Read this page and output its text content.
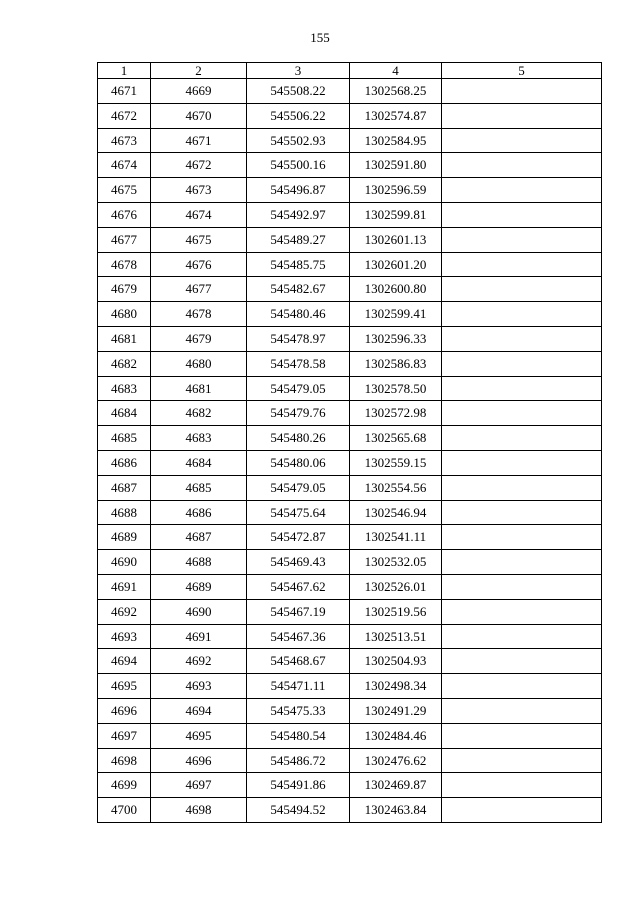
155
1	2	3	4	5
4671	4669	545508.22	1302568.25	
4672	4670	545506.22	1302574.87	
4673	4671	545502.93	1302584.95	
4674	4672	545500.16	1302591.80	
4675	4673	545496.87	1302596.59	
4676	4674	545492.97	1302599.81	
4677	4675	545489.27	1302601.13	
4678	4676	545485.75	1302601.20	
4679	4677	545482.67	1302600.80	
4680	4678	545480.46	1302599.41	
4681	4679	545478.97	1302596.33	
4682	4680	545478.58	1302586.83	
4683	4681	545479.05	1302578.50	
4684	4682	545479.76	1302572.98	
4685	4683	545480.26	1302565.68	
4686	4684	545480.06	1302559.15	
4687	4685	545479.05	1302554.56	
4688	4686	545475.64	1302546.94	
4689	4687	545472.87	1302541.11	
4690	4688	545469.43	1302532.05	
4691	4689	545467.62	1302526.01	
4692	4690	545467.19	1302519.56	
4693	4691	545467.36	1302513.51	
4694	4692	545468.67	1302504.93	
4695	4693	545471.11	1302498.34	
4696	4694	545475.33	1302491.29	
4697	4695	545480.54	1302484.46	
4698	4696	545486.72	1302476.62	
4699	4697	545491.86	1302469.87	
4700	4698	545494.52	1302463.84	
